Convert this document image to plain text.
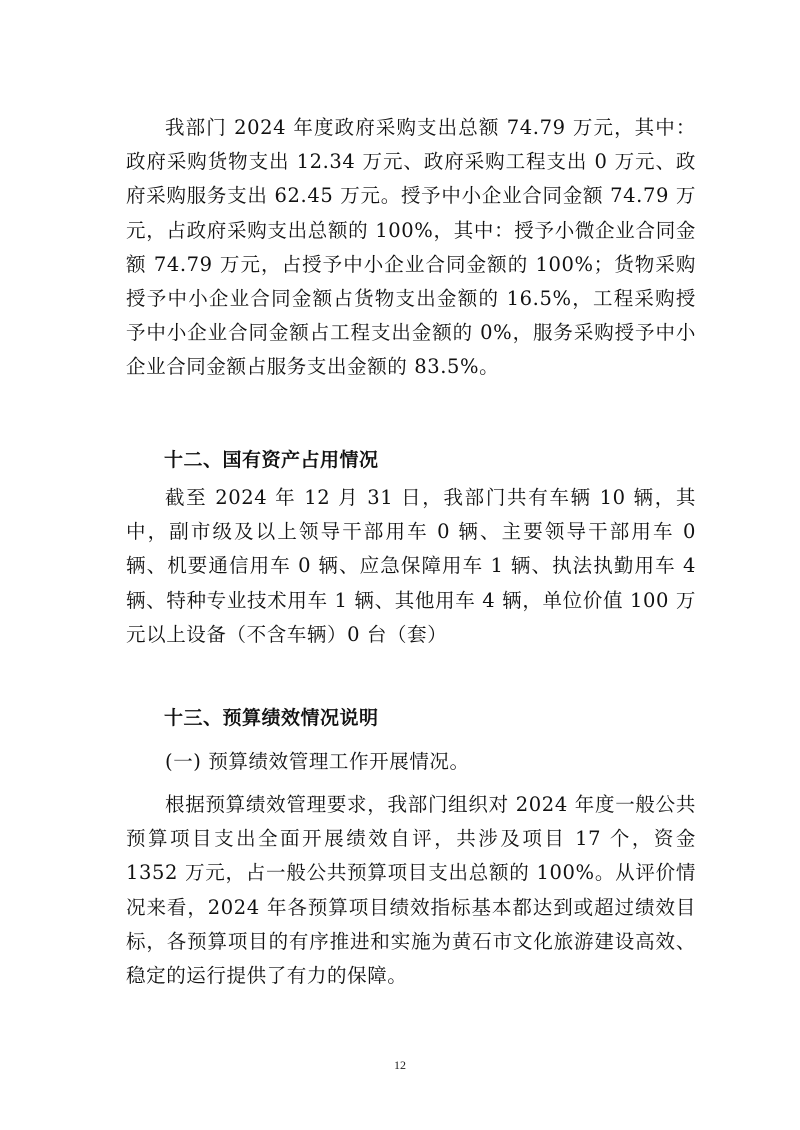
我部门 2024 年度政府采购支出总额 74.79 万元，其中：政府采购货物支出 12.34 万元、政府采购工程支出 0 万元、政府采购服务支出 62.45 万元。授予中小企业合同金额 74.79 万元，占政府采购支出总额的 100%，其中：授予小微企业合同金额 74.79 万元，占授予中小企业合同金额的 100%；货物采购授予中小企业合同金额占货物支出金额的 16.5%，工程采购授予中小企业合同金额占工程支出金额的 0%，服务采购授予中小企业合同金额占服务支出金额的 83.5%。

十二、国有资产占用情况

截至 2024 年 12 月 31 日，我部门共有车辆 10 辆，其中，副市级及以上领导干部用车 0 辆、主要领导干部用车 0 辆、机要通信用车 0 辆、应急保障用车 1 辆、执法执勤用车 4 辆、特种专业技术用车 1 辆、其他用车 4 辆，单位价值 100 万元以上设备（不含车辆）0 台（套）

十三、预算绩效情况说明

(一) 预算绩效管理工作开展情况。

根据预算绩效管理要求，我部门组织对 2024 年度一般公共预算项目支出全面开展绩效自评，共涉及项目 17 个，资金 1352 万元，占一般公共预算项目支出总额的 100%。从评价情况来看，2024 年各预算项目绩效指标基本都达到或超过绩效目标，各预算项目的有序推进和实施为黄石市文化旅游建设高效、稳定的运行提供了有力的保障。

12
